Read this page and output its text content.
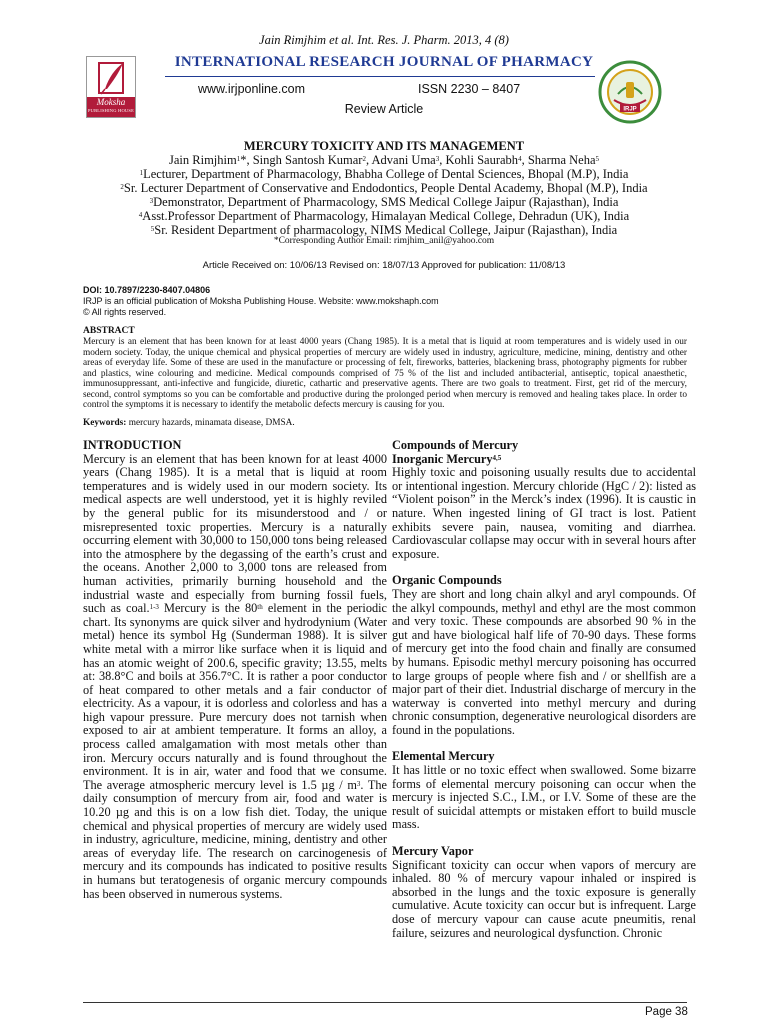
Jain Rimjhim et al. Int. Res. J. Pharm. 2013, 4 (8)
Moksha
PUBLISHING HOUSE
INTERNATIONAL RESEARCH JOURNAL OF PHARMACY
www.irjponline.com	ISSN 2230 – 8407
Review Article	IRJP
MERCURY TOXICITY AND ITS MANAGEMENT
Jain Rimjhim$^1$*, Singh Santosh Kumar$^2$, Advani Uma$^3$, Kohli Saurabh$^4$, Sharma Neha$^5$
$^1$Lecturer, Department of Pharmacology, Bhabha College of Dental Sciences, Bhopal (M.P), India
$^2$Sr. Lecturer Department of Conservative and Endodontics, People Dental Academy, Bhopal (M.P), India
$^3$Demonstrator, Department of Pharmacology, SMS Medical College Jaipur (Rajasthan), India
$^4$Asst.Professor Department of Pharmacology, Himalayan Medical College, Dehradun (UK), India
$^5$Sr. Resident Department of pharmacology, NIMS Medical College, Jaipur (Rajasthan), India
*Corresponding Author Email: rimjhim_anil@yahoo.com
Article Received on: 10/06/13 Revised on: 18/07/13 Approved for publication: 11/08/13
DOI: 10.7897/2230-8407.04806
IRJP is an official publication of Moksha Publishing House. Website: www.mokshaph.com
© All rights reserved.
ABSTRACT
Mercury is an element that has been known for at least 4000 years (Chang 1985). It is a metal that is liquid at room temperatures and is widely used in our modern society. Today, the unique chemical and physical properties of mercury are widely used in industry, agriculture, medicine, mining, dentistry and other areas of everyday life. Some of these are used in the manufacture or processing of felt, fireworks, batteries, blackening brass, photography pigments for rubber and plastics, wine colouring and medicine. Medical compounds comprised of 75 % of the list and included antibacterial, antiseptic, topical anaesthetic, immunosuppressant, anti-infective and fungicide, diuretic, cathartic and preservative agents. There are two goals to treatment. First, get rid of the mercury, second, control symptoms so you can be comfortable and productive during the prolonged period when mercury is removed and healing takes place. In order to control the symptoms it is necessary to identify the metabolic defects mercury is causing for you.
Keywords: mercury hazards, minamata disease, DMSA.
INTRODUCTION

Mercury is an element that has been known for at least 4000 years (Chang 1985). It is a metal that is liquid at room temperatures and is widely used in our modern society. Its medical aspects are well understood, yet it is highly reviled by the general public for its misunderstood and / or misrepresented toxic properties. Mercury is a naturally occurring element with 30,000 to 150,000 tons being released into the atmosphere by the degassing of the earth’s crust and the oceans. Another 2,000 to 3,000 tons are released from human activities, primarily burning household and the industrial waste and especially from burning fossil fuels, such as coal.$^{1-3}$ Mercury is the 80th element in the periodic chart. Its synonyms are quick silver and hydrodynium (Water metal) hence its symbol Hg (Sunderman 1988). It is silver white metal with a mirror like surface when it is liquid and has an atomic weight of 200.6, specific gravity; 13.55, melts at: 38.8°C and boils at 356.7°C. It is rather a poor conductor of heat compared to other metals and a fair conductor of electricity. As a vapour, it is odorless and colorless and has a high vapour pressure. Pure mercury does not tarnish when exposed to air at ambient temperature. It forms an alloy, a process called amalgamation with most metals other than iron. Mercury occurs naturally and is found throughout the environment. It is in air, water and food that we consume. The average atmospheric mercury level is 1.5 µg / $m^3$. The daily consumption of mercury from air, food and water is 10.20 µg and this is on a low fish diet. Today, the unique chemical and physical properties of mercury are widely used in industry, agriculture, medicine, mining, dentistry and other areas of everyday life. The research on carcinogenesis of mercury and its compounds has indicated to positive results in humans but teratogenesis of organic mercury compounds has been observed in numerous systems.

Compounds of Mercury
Inorganic Mercury$^{4,5}$

Highly toxic and poisoning usually results due to accidental or intentional ingestion. Mercury chloride (HgC / 2): listed as “Violent poison” in the Merck’s index (1996). It is caustic in nature. When ingested lining of GI tract is lost. Patient exhibits severe pain, nausea, vomiting and diarrhea. Cardiovascular collapse may occur with in several hours after exposure.

Organic Compounds

They are short and long chain alkyl and aryl compounds. Of the alkyl compounds, methyl and ethyl are the most common and very toxic. These compounds are absorbed 90 % in the gut and have biological half life of 70-90 days. These forms of mercury get into the food chain and finally are consumed by humans. Episodic methyl mercury poisoning has occurred to large groups of people where fish and / or shellfish are a major part of their diet. Industrial discharge of mercury in the waterway is converted into methyl mercury and during chronic consumption, degenerative neurological disorders are found in the populations.

Elemental Mercury

It has little or no toxic effect when swallowed. Some bizarre forms of elemental mercury poisoning can occur when the mercury is injected S.C., I.M., or I.V. Some of these are the result of suicidal attempts or mistaken effort to build muscle mass.

Mercury Vapor

Significant toxicity can occur when vapors of mercury are inhaled. 80 % of mercury vapour inhaled or inspired is absorbed in the lungs and the toxic exposure is generally cumulative. Acute toxicity can occur but is infrequent. Large dose of mercury vapour can cause acute pneumitis, renal failure, seizures and neurological dysfunction. Chronic

Page 38
